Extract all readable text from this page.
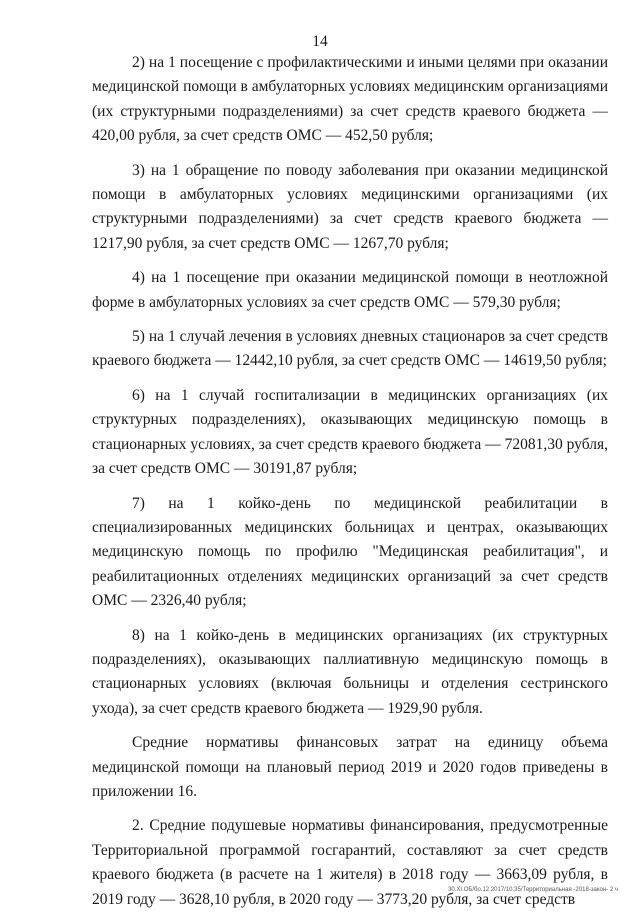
14

2) на 1 посещение с профилактическими и иными целями при оказании медицинской помощи в амбулаторных условиях медицинским организациями (их структурными подразделениями) за счет средств краевого бюджета — 420,00 рубля, за счет средств ОМС — 452,50 рубля;

3) на 1 обращение по поводу заболевания при оказании медицинской помощи в амбулаторных условиях медицинскими организациями (их структурными подразделениями) за счет средств краевого бюджета — 1217,90 рубля, за счет средств ОМС — 1267,70 рубля;

4) на 1 посещение при оказании медицинской помощи в неотложной форме в амбулаторных условиях за счет средств ОМС — 579,30 рубля;

5) на 1 случай лечения в условиях дневных стационаров за счет средств краевого бюджета — 12442,10 рубля, за счет средств ОМС — 14619,50 рубля;

6) на 1 случай госпитализации в медицинских организациях (их структурных подразделениях), оказывающих медицинскую помощь в стационарных условиях, за счет средств краевого бюджета — 72081,30 рубля, за счет средств ОМС — 30191,87 рубля;

7) на 1 койко-день по медицинской реабилитации в специализированных медицинских больницах и центрах, оказывающих медицинскую помощь по профилю "Медицинская реабилитация", и реабилитационных отделениях медицинских организаций за счет средств ОМС — 2326,40 рубля;

8) на 1 койко-день в медицинских организациях (их структурных подразделениях), оказывающих паллиативную медицинскую помощь в стационарных условиях (включая больницы и отделения сестринского ухода), за счет средств краевого бюджета — 1929,90 рубля.

Средние нормативы финансовых затрат на единицу объема медицинской помощи на плановый период 2019 и 2020 годов приведены в приложении 16.

2. Средние подушевые нормативы финансирования, предусмотренные Территориальной программой госгарантий, составляют за счет средств краевого бюджета (в расчете на 1 жителя) в 2018 году — 3663,09 рубля, в 2019 году — 3628,10 рубля, в 2020 году — 3773,20 рубля, за счет средств

30.XI.ОБ/бо.12.2017/10:35/Территориальная -2018-закон- 2 ч
